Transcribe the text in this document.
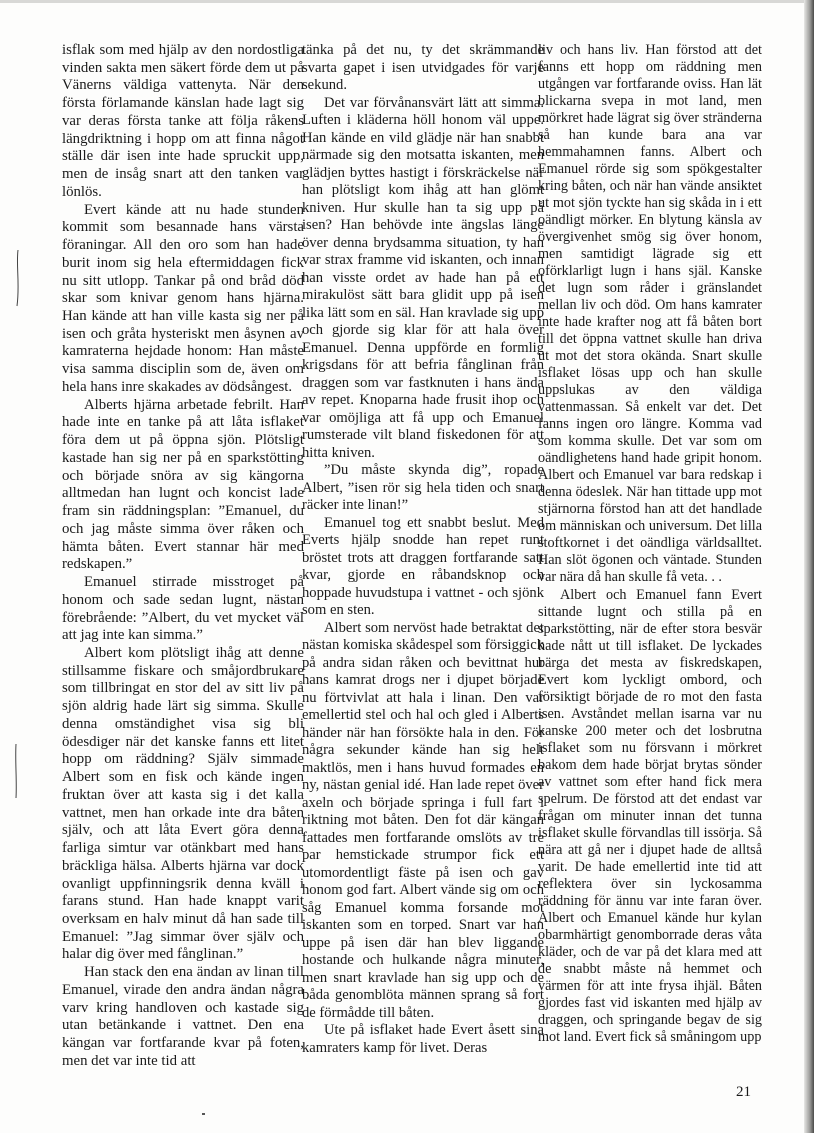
isflak som med hjälp av den nordostliga vinden sakta men säkert förde dem ut på Vänerns väldiga vattenyta. När den första förlamande känslan hade lagt sig var deras första tanke att följa råkens längdriktning i hopp om att finna något ställe där isen inte hade spruckit upp, men de insåg snart att den tanken var lönlös.

Evert kände att nu hade stunden kommit som besannade hans värsta föraningar. All den oro som han hade burit inom sig hela eftermiddagen fick nu sitt utlopp. Tankar på ond bråd död skar som knivar genom hans hjärna. Han kände att han ville kasta sig ner på isen och gråta hysteriskt men åsynen av kamraterna hejdade honom: Han måste visa samma disciplin som de, även om hela hans inre skakades av dödsångest.

Alberts hjärna arbetade febrilt. Han hade inte en tanke på att låta isflaket föra dem ut på öppna sjön. Plötsligt kastade han sig ner på en sparkstötting och började snöra av sig kängorna alltmedan han lugnt och koncist lade fram sin räddningsplan: ”Emanuel, du och jag måste simma över råken och hämta båten. Evert stannar här med redskapen.”

Emanuel stirrade misstroget på honom och sade sedan lugnt, nästan förebrående: ”Albert, du vet mycket väl att jag inte kan simma.”

Albert kom plötsligt ihåg att denne stillsamme fiskare och småjordbrukare som tillbringat en stor del av sitt liv på sjön aldrig hade lärt sig simma. Skulle denna omständighet visa sig bli ödesdiger när det kanske fanns ett litet hopp om räddning? Själv simmade Albert som en fisk och kände ingen fruktan över att kasta sig i det kalla vattnet, men han orkade inte dra båten själv, och att låta Evert göra denna farliga simtur var otänkbart med hans bräckliga hälsa. Alberts hjärna var dock ovanligt uppfinningsrik denna kväll i farans stund. Han hade knappt varit overksam en halv minut då han sade till Emanuel: ”Jag simmar över själv och halar dig över med fånglinan.”

Han stack den ena ändan av linan till Emanuel, virade den andra ändan några varv kring handloven och kastade sig utan betänkande i vattnet. Den ena kängan var fortfarande kvar på foten, men det var inte tid att

tänka på det nu, ty det skrämmande svarta gapet i isen utvidgades för varje sekund.

Det var förvånansvärt lätt att simma. Luften i kläderna höll honom väl uppe. Han kände en vild glädje när han snabbt närmade sig den motsatta iskanten, men glädjen byttes hastigt i förskräckelse när han plötsligt kom ihåg att han glömt kniven. Hur skulle han ta sig upp på isen? Han behövde inte ängslas länge över denna brydsamma situation, ty han var strax framme vid iskanten, och innan han visste ordet av hade han på ett mirakulöst sätt bara glidit upp på isen lika lätt som en säl. Han kravlade sig upp och gjorde sig klar för att hala över Emanuel. Denna uppförde en formlig krigsdans för att befria fånglinan från draggen som var fastknuten i hans ända av repet. Knoparna hade frusit ihop och var omöjliga att få upp och Emanuel rumsterade vilt bland fiskedonen för att hitta kniven.

”Du måste skynda dig”, ropade Albert, ”isen rör sig hela tiden och snart räcker inte linan!”

Emanuel tog ett snabbt beslut. Med Everts hjälp snodde han repet runt bröstet trots att draggen fortfarande satt kvar, gjorde en råbandsknop och hoppade huvudstupa i vattnet - och sjönk som en sten.

Albert som nervöst hade betraktat det nästan komiska skådespel som försiggick på andra sidan råken och bevittnat hur hans kamrat drogs ner i djupet började nu förtvivlat att hala i linan. Den var emellertid stel och hal och gled i Alberts händer när han försökte hala in den. För några sekunder kände han sig helt maktlös, men i hans huvud formades en ny, nästan genial idé. Han lade repet över axeln och började springa i full fart i riktning mot båten. Den fot där kängan fattades men fortfarande omslöts av tre par hemstickade strumpor fick ett utomordentligt fäste på isen och gav honom god fart. Albert vände sig om och såg Emanuel komma forsande mot iskanten som en torped. Snart var han uppe på isen där han blev liggande hostande och hulkande några minuter, men snart kravlade han sig upp och de båda genomblöta männen sprang så fort de förmådde till båten.

Ute på isflaket hade Evert åsett sina kamraters kamp för livet. Deras

liv och hans liv. Han förstod att det fanns ett hopp om räddning men utgången var fortfarande oviss. Han lät blickarna svepa in mot land, men mörkret hade lägrat sig över stränderna så han kunde bara ana var hemmahamnen fanns. Albert och Emanuel rörde sig som spökgestalter kring båten, och när han vände ansiktet ut mot sjön tyckte han sig skåda in i ett oändligt mörker. En blytung känsla av övergivenhet smög sig över honom, men samtidigt lägrade sig ett oförklarligt lugn i hans själ. Kanske det lugn som råder i gränslandet mellan liv och död. Om hans kamrater inte hade krafter nog att få båten bort till det öppna vattnet skulle han driva ut mot det stora okända. Snart skulle isflaket lösas upp och han skulle uppslukas av den väldiga vattenmassan. Så enkelt var det. Det fanns ingen oro längre. Komma vad som komma skulle. Det var som om oändlighetens hand hade gripit honom. Albert och Emanuel var bara redskap i denna ödeslek. När han tittade upp mot stjärnorna förstod han att det handlade om människan och universum. Det lilla stoftkornet i det oändliga världsalltet. Han slöt ögonen och väntade. Stunden var nära då han skulle få veta. . .

Albert och Emanuel fann Evert sittande lugnt och stilla på en sparkstötting, när de efter stora besvär hade nått ut till isflaket. De lyckades bärga det mesta av fiskredskapen, Evert kom lyckligt ombord, och försiktigt började de ro mot den fasta isen. Avståndet mellan isarna var nu kanske 200 meter och det losbrutna isflaket som nu försvann i mörkret bakom dem hade börjat brytas sönder av vattnet som efter hand fick mera spelrum. De förstod att det endast var frågan om minuter innan det tunna isflaket skulle förvandlas till issörja. Så nära att gå ner i djupet hade de alltså varit. De hade emellertid inte tid att reflektera över sin lyckosamma räddning för ännu var inte faran över. Albert och Emanuel kände hur kylan obarmhärtigt genomborrade deras våta kläder, och de var på det klara med att de snabbt måste nå hemmet och värmen för att inte frysa ihjäl. Båten gjordes fast vid iskanten med hjälp av draggen, och springande begav de sig mot land. Evert fick så småningom upp

21
